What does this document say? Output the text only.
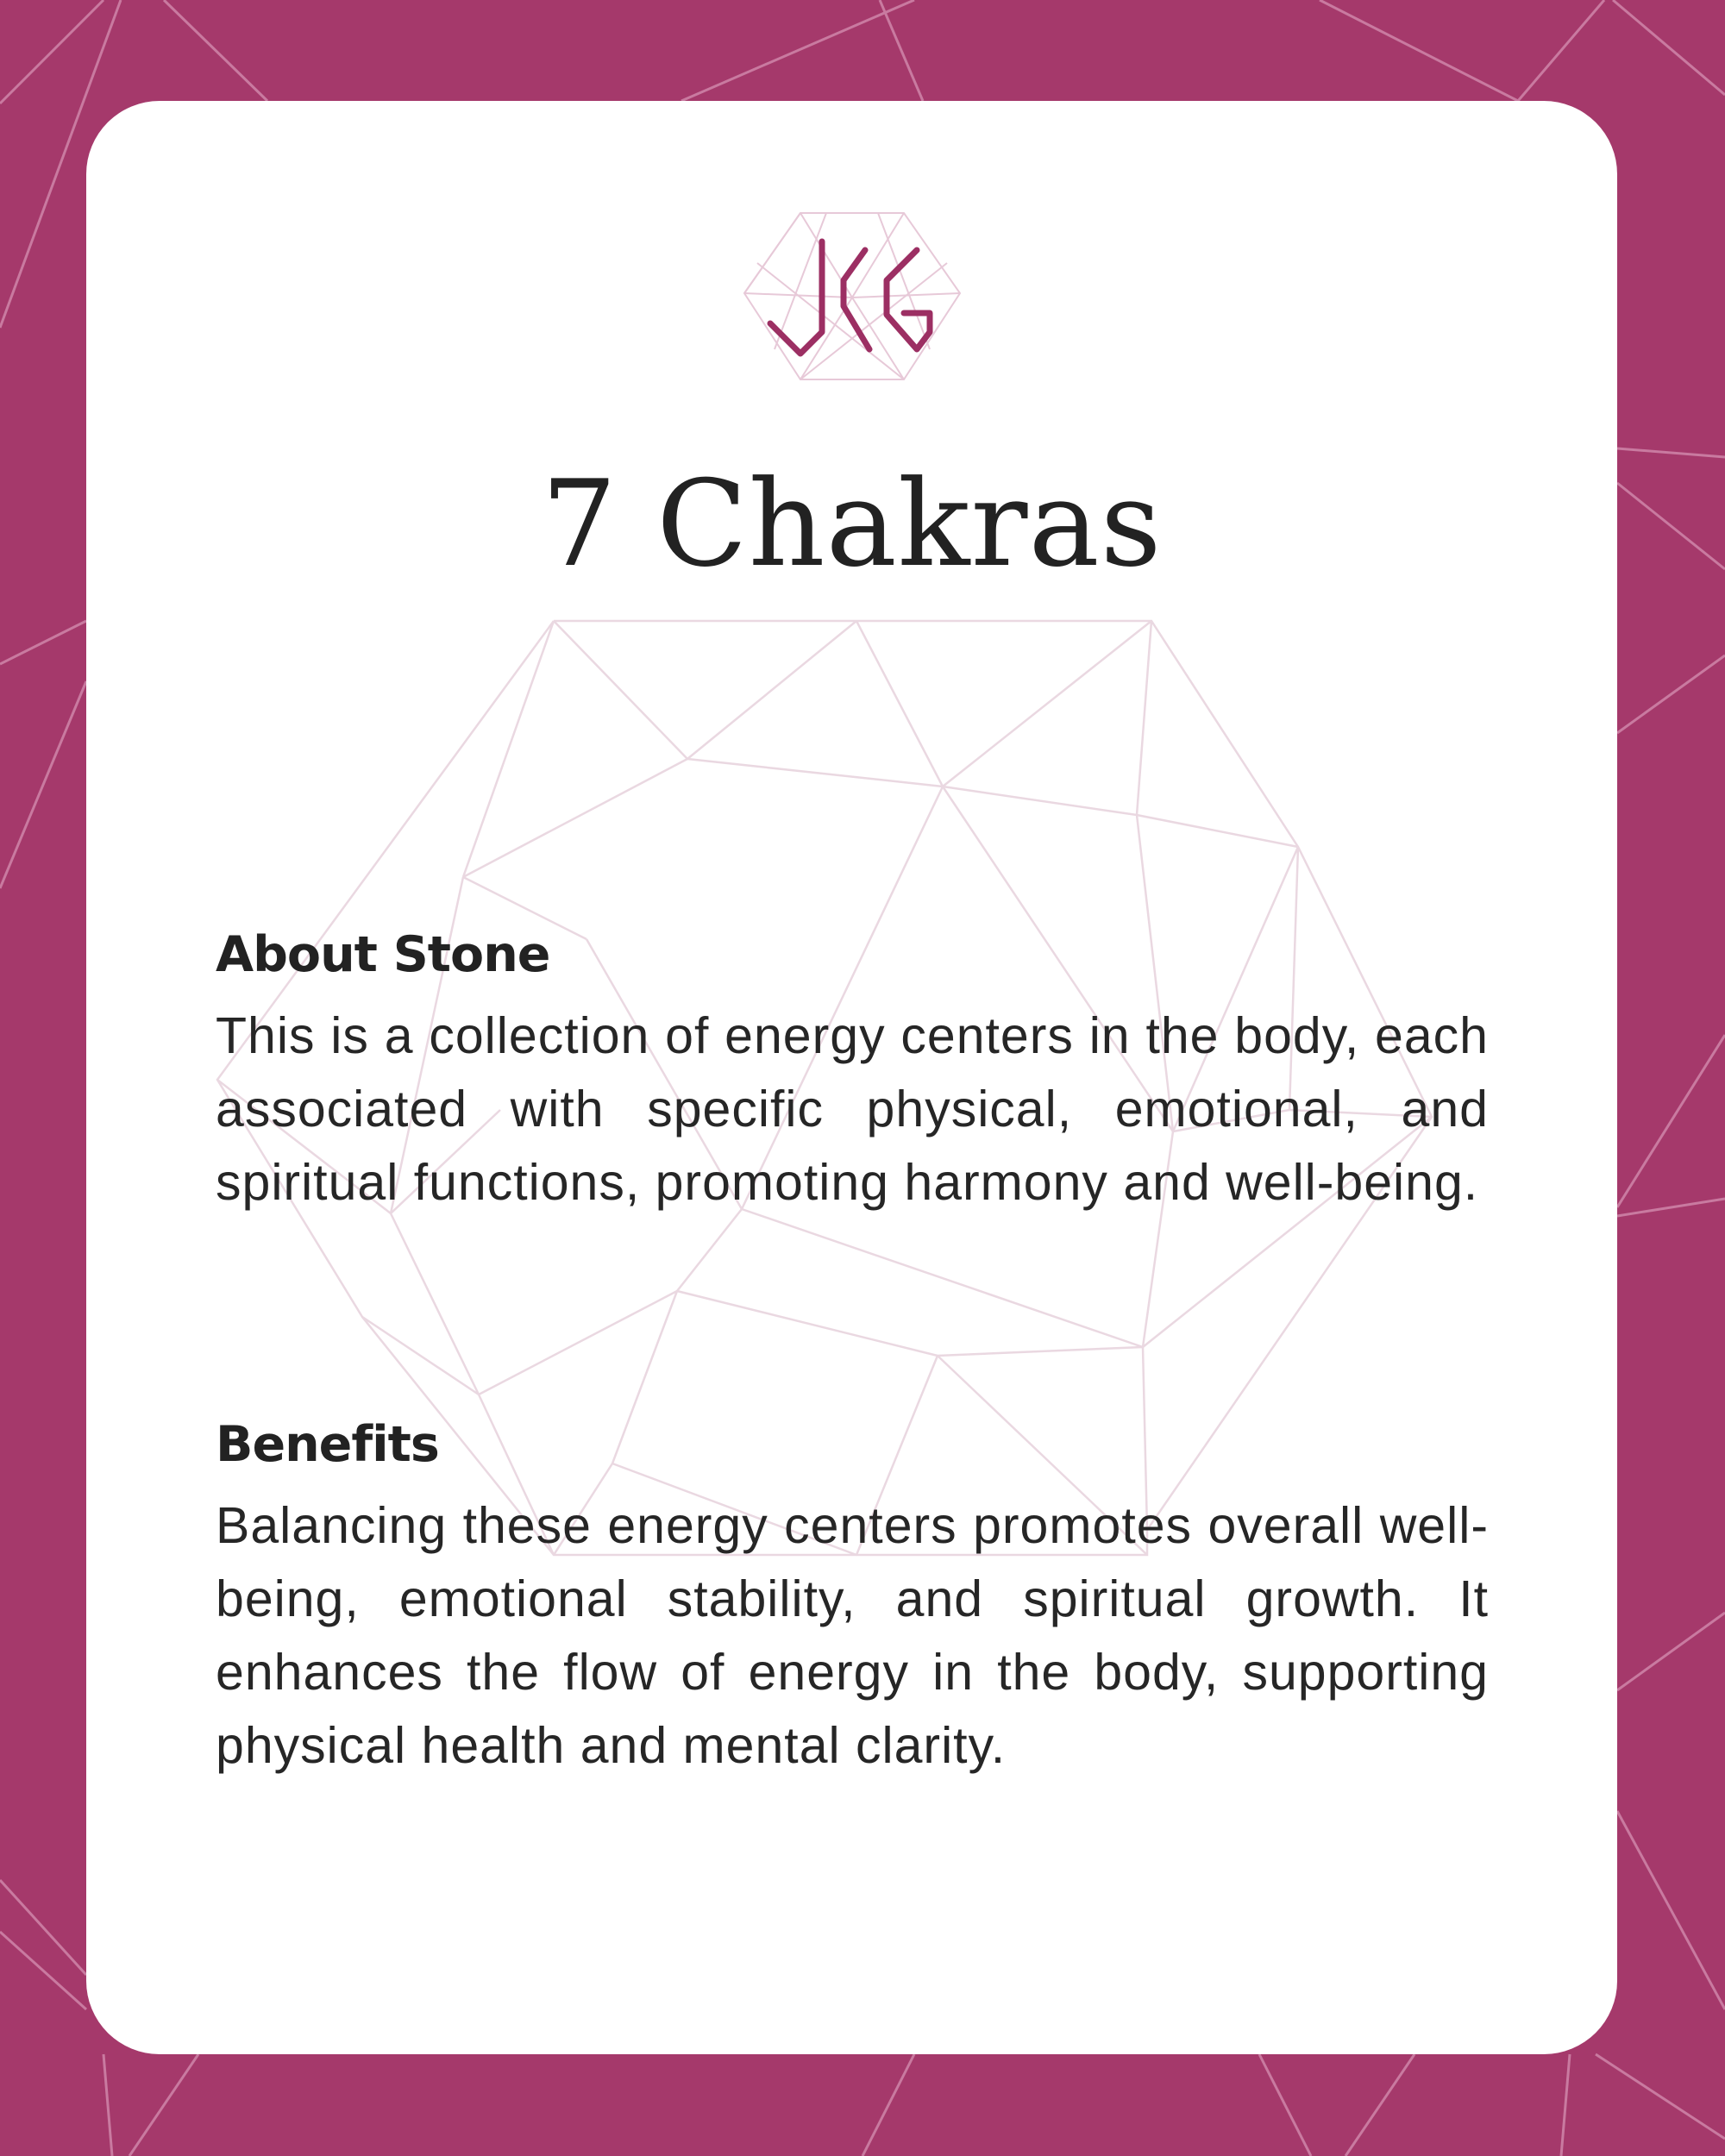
7 Chakras
About Stone

This is a collection of energy centers in the body, each associated with specific physical, emotional, and spiritual functions, promoting harmony and well-being.

Benefits

Balancing these energy centers promotes overall well-being, emotional stability, and spiritual growth. It enhances the flow of energy in the body, supporting physical health and mental clarity.
